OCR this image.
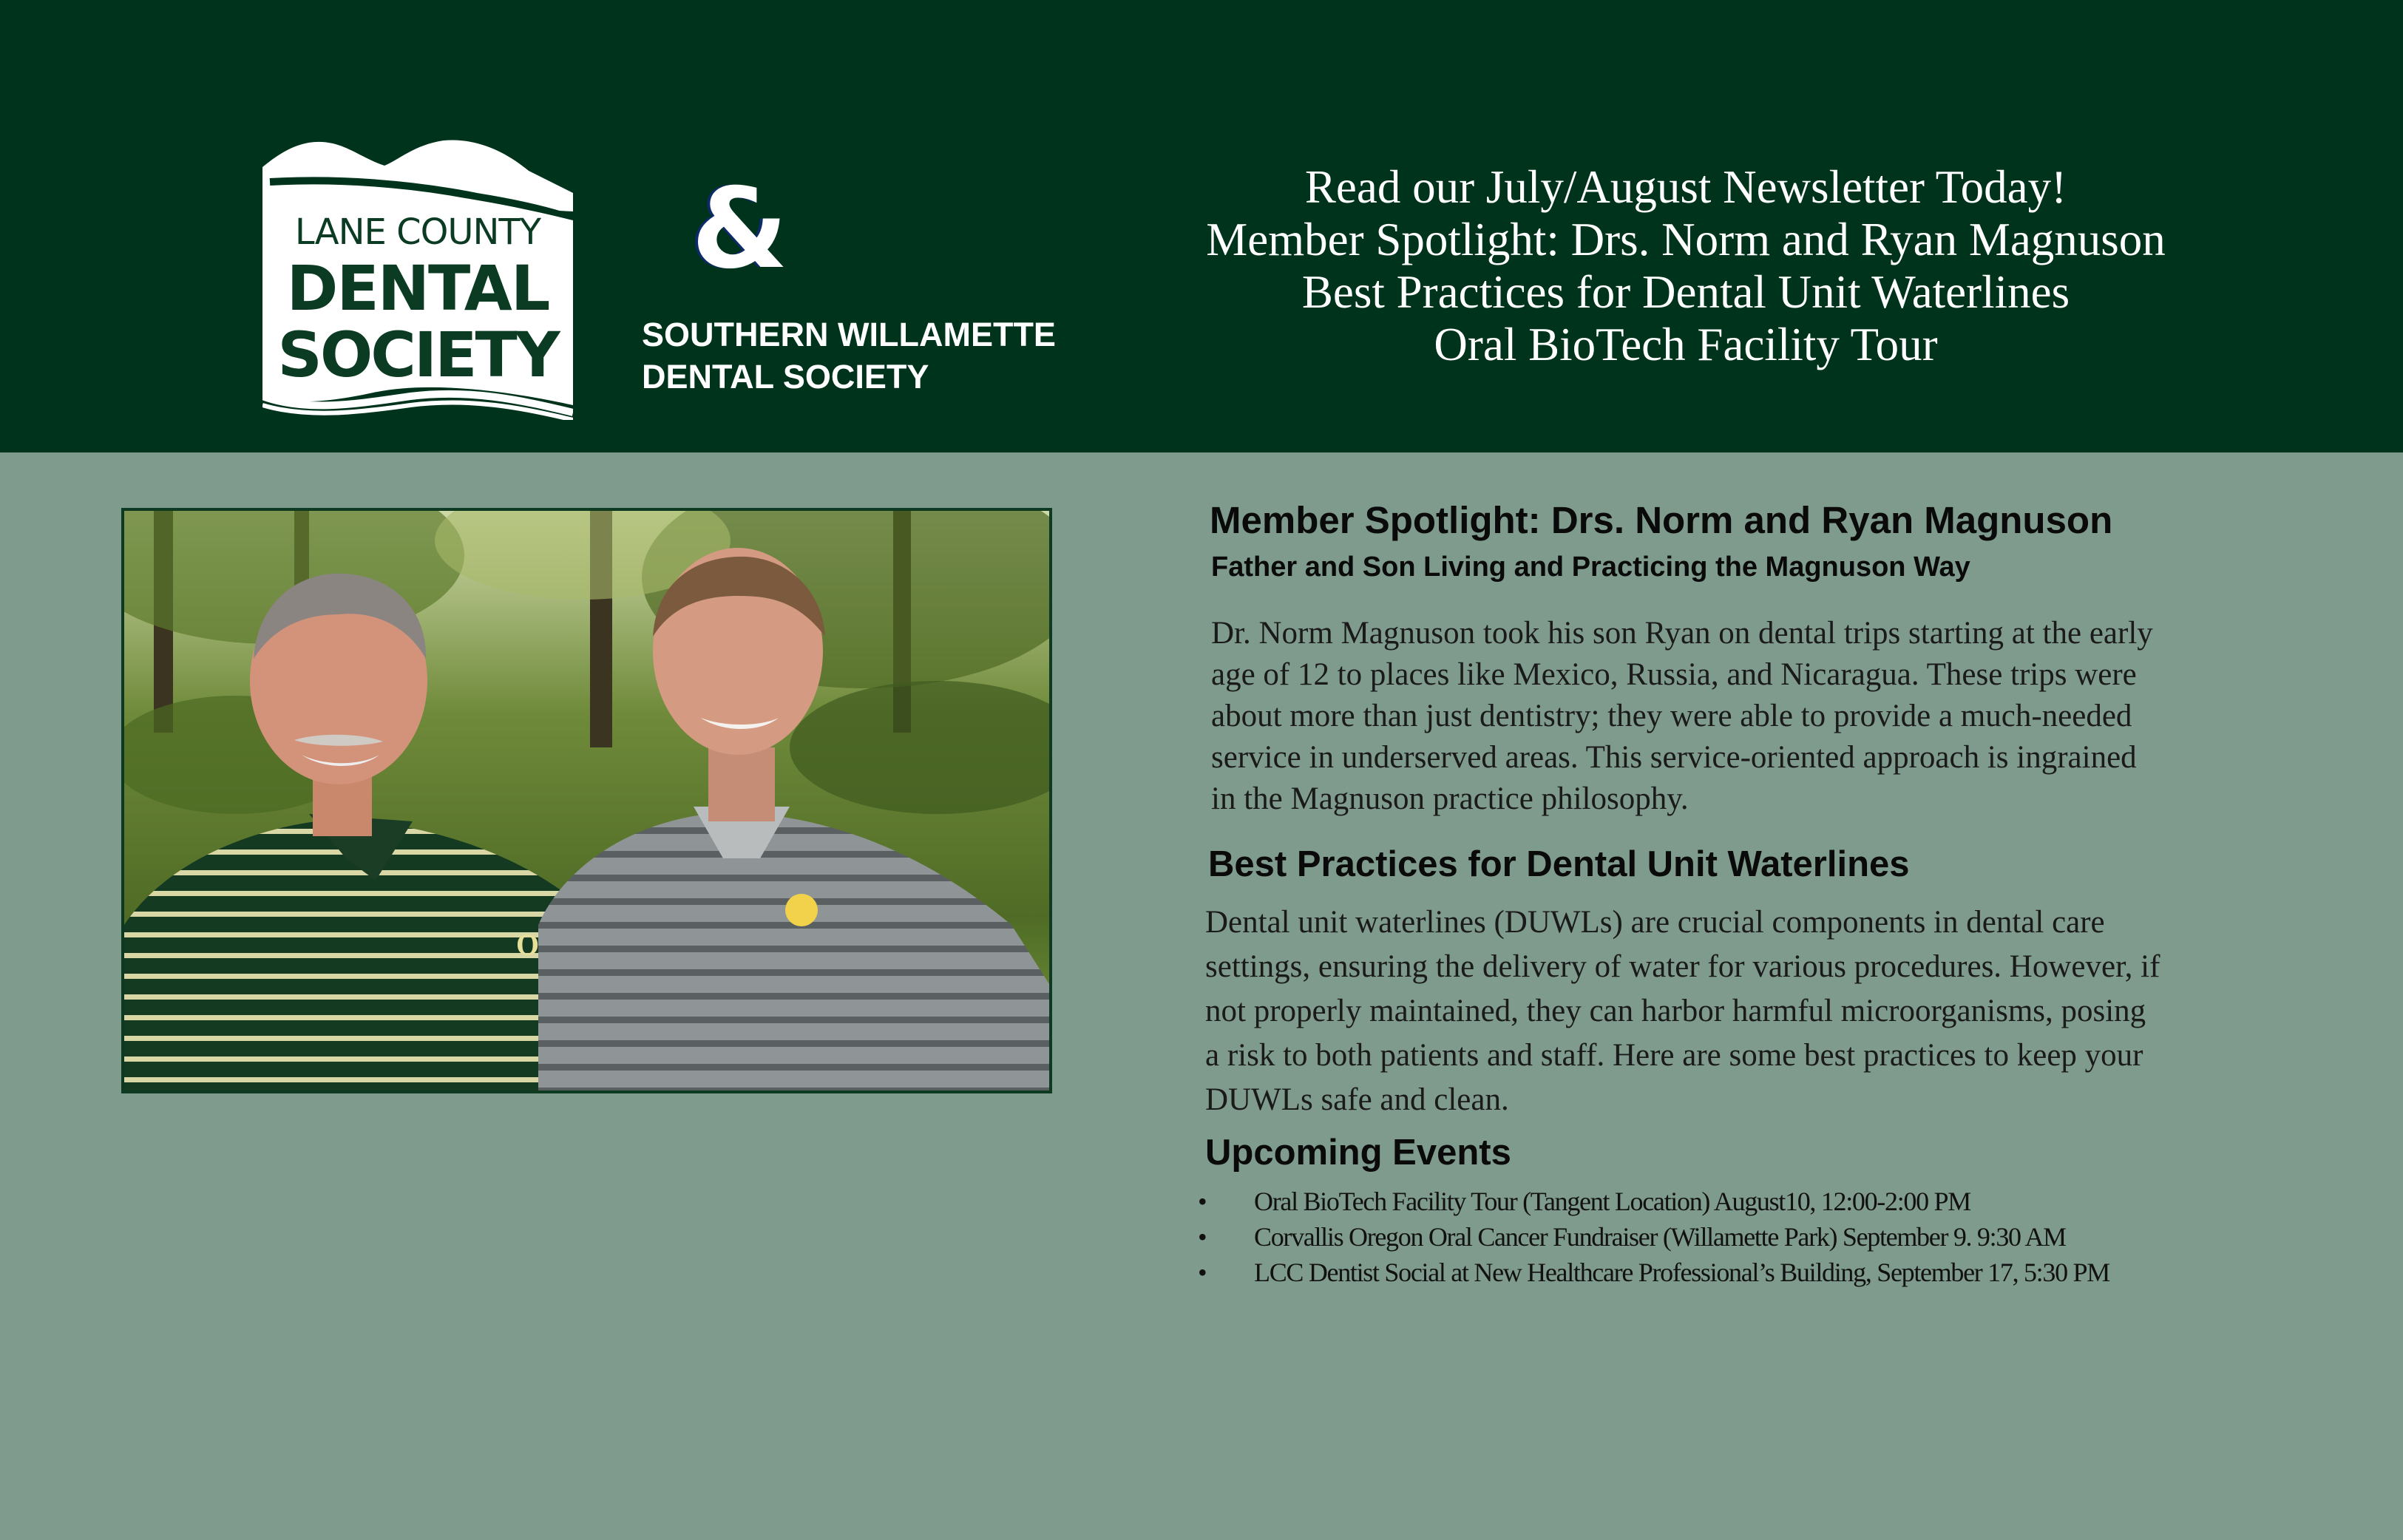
LANE COUNTY
DENTAL
SOCIETY
&
SOUTHERN WILLAMETTE
DENTAL SOCIETY
Read our July/August Newsletter Today!
Member Spotlight: Drs. Norm and Ryan Magnuson
Best Practices for Dental Unit Waterlines
Oral BioTech Facility Tour
O
Member Spotlight: Drs. Norm and Ryan Magnuson
Father and Son Living and Practicing the Magnuson Way
Dr. Norm Magnuson took his son Ryan on dental trips starting at the early
age of 12 to places like Mexico, Russia, and Nicaragua. These trips were
about more than just dentistry; they were able to provide a much-needed
service in underserved areas. This service-oriented approach is ingrained
in the Magnuson practice philosophy.
Best Practices for Dental Unit Waterlines
Dental unit waterlines (DUWLs) are crucial components in dental care
settings, ensuring the delivery of water for various procedures. However, if
not properly maintained, they can harbor harmful microorganisms, posing
a risk to both patients and staff. Here are some best practices to keep your
DUWLs safe and clean.
Upcoming Events
•	Oral BioTech Facility Tour (Tangent Location) August10, 12:00-2:00 PM
•	Corvallis Oregon Oral Cancer Fundraiser (Willamette Park) September 9. 9:30 AM
•	LCC Dentist Social at New Healthcare Professional’s Building, September 17, 5:30 PM
